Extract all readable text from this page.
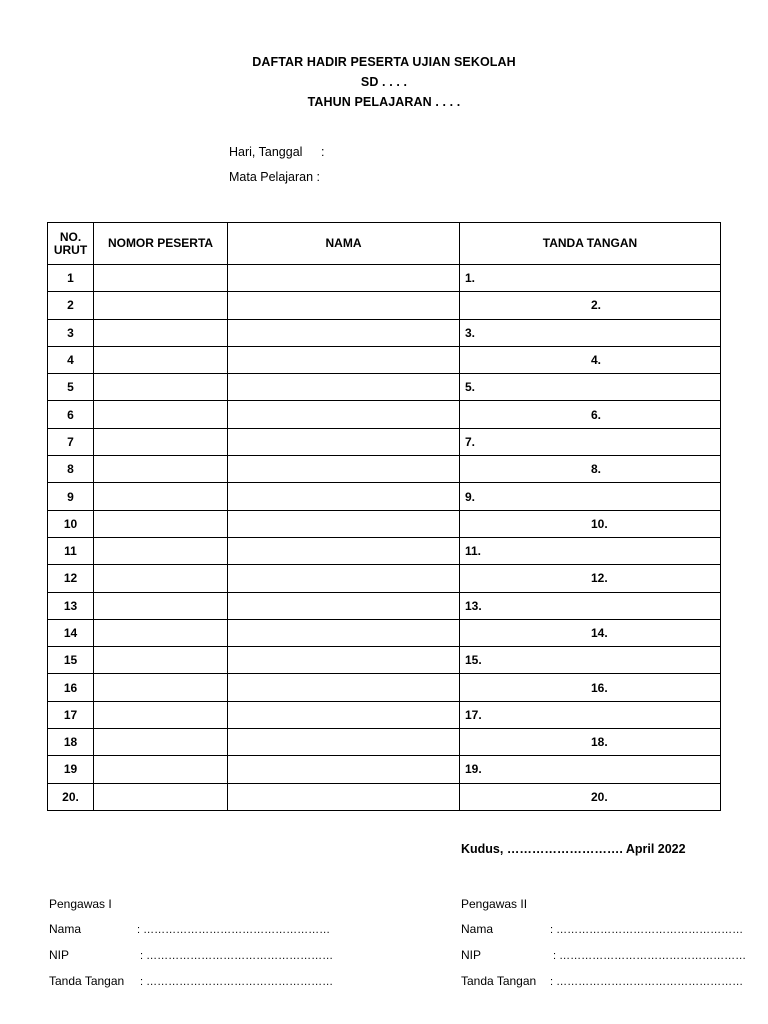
DAFTAR HADIR PESERTA UJIAN SEKOLAH
SD . . . .
TAHUN PELAJARAN . . . .
Hari, Tanggal :
Mata Pelajaran :
NO. URUT	NOMOR PESERTA	NAMA	TANDA TANGAN
1			1.
2			2.
3			3.
4			4.
5			5.
6			6.
7			7.
8			8.
9			9.
10			10.
11			11.
12			12.
13			13.
14			14.
15			15.
16			16.
17			17.
18			18.
19			19.
20.			20.
Kudus, ………………………. April 2022
Pengawas I
Nama	: ……………………………………………
NIP	: ……………………………………………
Tanda Tangan : ……………………………………………
Pengawas II
Nama	: ……………………………………………
NIP	: ……………………………………………
Tanda Tangan : ……………………………………………
